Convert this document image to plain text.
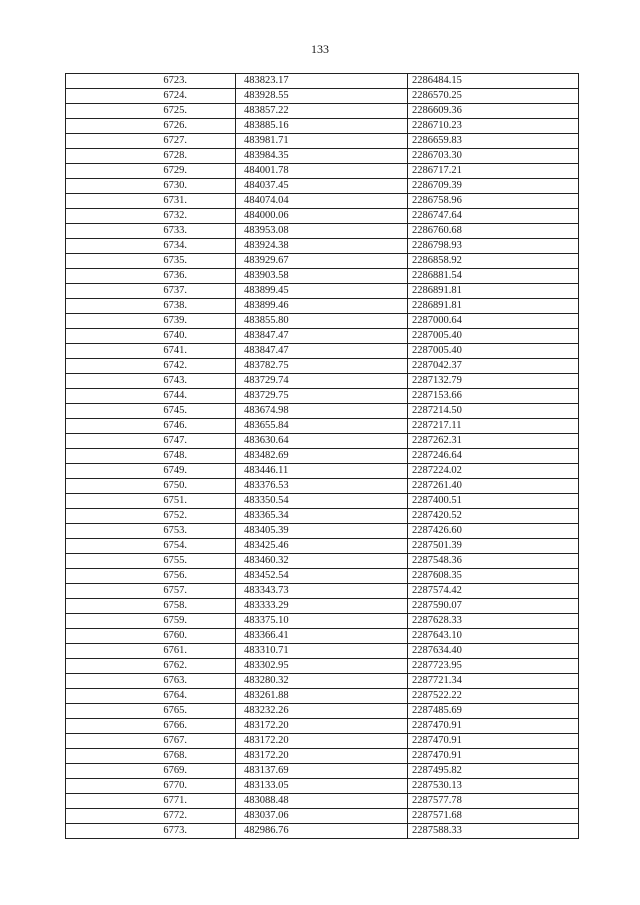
133
6723.	483823.17	2286484.15
6724.	483928.55	2286570.25
6725.	483857.22	2286609.36
6726.	483885.16	2286710.23
6727.	483981.71	2286659.83
6728.	483984.35	2286703.30
6729.	484001.78	2286717.21
6730.	484037.45	2286709.39
6731.	484074.04	2286758.96
6732.	484000.06	2286747.64
6733.	483953.08	2286760.68
6734.	483924.38	2286798.93
6735.	483929.67	2286858.92
6736.	483903.58	2286881.54
6737.	483899.45	2286891.81
6738.	483899.46	2286891.81
6739.	483855.80	2287000.64
6740.	483847.47	2287005.40
6741.	483847.47	2287005.40
6742.	483782.75	2287042.37
6743.	483729.74	2287132.79
6744.	483729.75	2287153.66
6745.	483674.98	2287214.50
6746.	483655.84	2287217.11
6747.	483630.64	2287262.31
6748.	483482.69	2287246.64
6749.	483446.11	2287224.02
6750.	483376.53	2287261.40
6751.	483350.54	2287400.51
6752.	483365.34	2287420.52
6753.	483405.39	2287426.60
6754.	483425.46	2287501.39
6755.	483460.32	2287548.36
6756.	483452.54	2287608.35
6757.	483343.73	2287574.42
6758.	483333.29	2287590.07
6759.	483375.10	2287628.33
6760.	483366.41	2287643.10
6761.	483310.71	2287634.40
6762.	483302.95	2287723.95
6763.	483280.32	2287721.34
6764.	483261.88	2287522.22
6765.	483232.26	2287485.69
6766.	483172.20	2287470.91
6767.	483172.20	2287470.91
6768.	483172.20	2287470.91
6769.	483137.69	2287495.82
6770.	483133.05	2287530.13
6771.	483088.48	2287577.78
6772.	483037.06	2287571.68
6773.	482986.76	2287588.33
